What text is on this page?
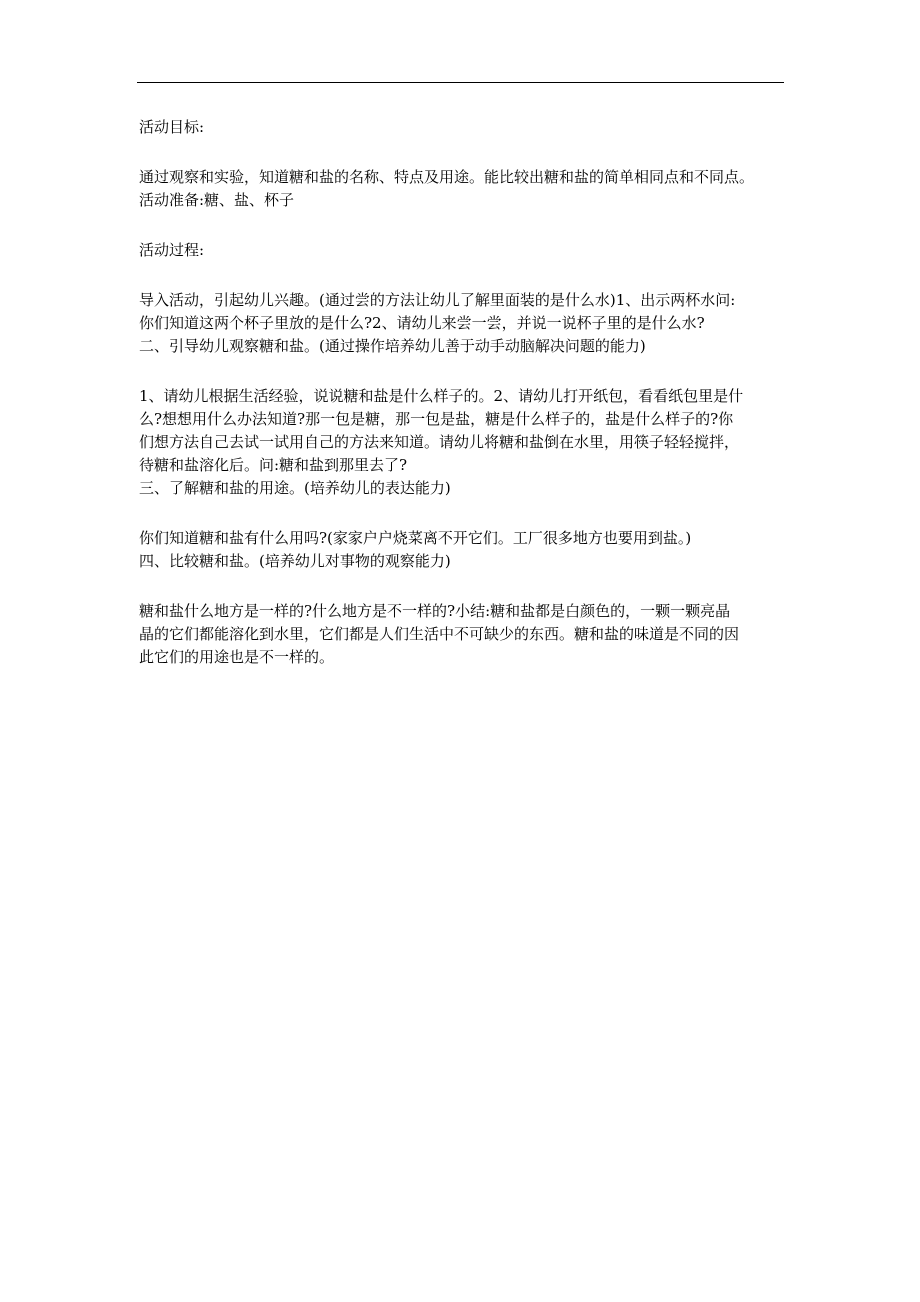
活动目标:
通过观察和实验，知道糖和盐的名称、特点及用途。能比较出糖和盐的简单相同点和不同点。
活动准备:糖、盐、杯子
活动过程:
导入活动，引起幼儿兴趣。(通过尝的方法让幼儿了解里面装的是什么水)1、出示两杯水问:
你们知道这两个杯子里放的是什么?2、请幼儿来尝一尝，并说一说杯子里的是什么水?
二、引导幼儿观察糖和盐。(通过操作培养幼儿善于动手动脑解决问题的能力)
1、请幼儿根据生活经验，说说糖和盐是什么样子的。2、请幼儿打开纸包，看看纸包里是什
么?想想用什么办法知道?那一包是糖，那一包是盐，糖是什么样子的，盐是什么样子的?你
们想方法自己去试一试用自己的方法来知道。请幼儿将糖和盐倒在水里，用筷子轻轻搅拌，
待糖和盐溶化后。问:糖和盐到那里去了?
三、了解糖和盐的用途。(培养幼儿的表达能力)
你们知道糖和盐有什么用吗?(家家户户烧菜离不开它们。工厂很多地方也要用到盐。)
四、比较糖和盐。(培养幼儿对事物的观察能力)
糖和盐什么地方是一样的?什么地方是不一样的?小结:糖和盐都是白颜色的，一颗一颗亮晶
晶的它们都能溶化到水里，它们都是人们生活中不可缺少的东西。糖和盐的味道是不同的因
此它们的用途也是不一样的。
